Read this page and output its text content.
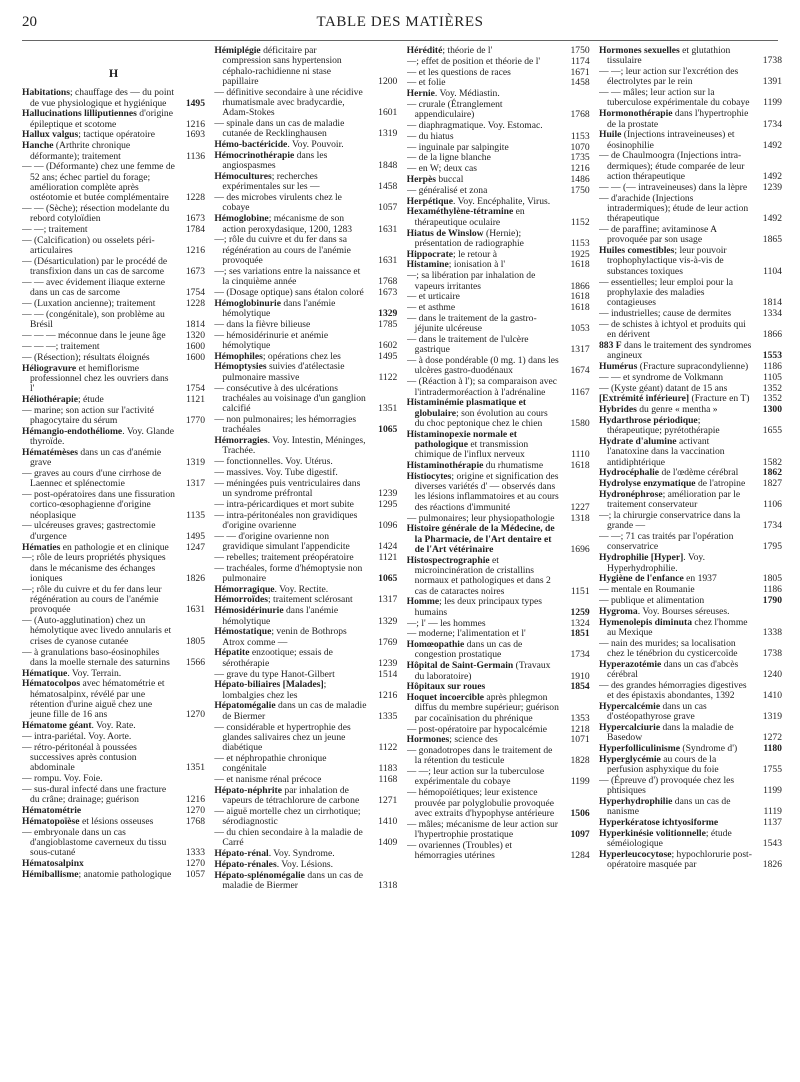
20	TABLE DES MATIÈRES
H
Habitations; chauffage des — du point de vue physiologique et hygiénique	1495
Hallucinations lilliputiennes d'origine épileptique et scotome	1216
Hallux valgus; tactique opératoire	1693
Hanche (Arthrite chronique déformante); traitement	1136
— — (Déformante) chez une femme de 52 ans; échec partiel du forage; amélioration complète après ostéotomie et butée complémentaire	1228
— — (Sèche); résection modelante du rebord cotyloïdien	1673
— —; traitement	1784
— (Calcification) ou osselets péri-articulaires	1216
— (Désarticulation) par le procédé de transfixion dans un cas de sarcome	1673
— — avec évidement iliaque externe dans un cas de sarcome	1754
— (Luxation ancienne); traitement	1228
— — (congénitale), son problème au Brésil	1814
— — — méconnue dans le jeune âge	1320
— — —; traitement	1600
— (Résection); résultats éloignés	1600
Héliogravure et hemiflorisme professionnel chez les ouvriers dans l'	1754
Héliothérapie; étude	1121
— marine; son action sur l'activité phagocytaire du sérum	1770
Hémangio-endothéliome. Voy. Glande thyroïde.
Hématémèses dans un cas d'anémie grave	1319
— graves au cours d'une cirrhose de Laennec et splénectomie	1317
— post-opératoires dans une fissuration cortico-œsophagienne d'origine néoplasique	1135
— ulcéreuses graves; gastrectomie d'urgence	1495
Hématies en pathologie et en clinique	1247
—; rôle de leurs propriétés physiques dans le mécanisme des échanges ioniques	1826
—; rôle du cuivre et du fer dans leur régénération au cours de l'anémie provoquée	1631
— (Auto-agglutination) chez un hémolytique avec livedo annularis et crises de cyanose cutanée	1805
— à granulations baso-éosinophiles dans la moelle sternale des saturnins	1566
Hématique. Voy. Terrain.
Hématocolpos avec hématométrie et hématosalpinx, révélé par une rétention d'urine aiguë chez une jeune fille de 16 ans	1270
Hématome géant. Voy. Rate.
— intra-pariétal. Voy. Aorte.
— rétro-péritonéal à poussées successives après contusion abdominale	1351
— rompu. Voy. Foie.
— sus-dural infecté dans une fracture du crâne; drainage; guérison	1216
Hématométrie	1270
Hématopoïèse et lésions osseuses	1768
— embryonale dans un cas d'angioblastome caverneux du tissu sous-cutané	1333
Hématosalpinx	1270
Hémiballisme; anatomie pathologique	1057
Hémiplégie déficitaire par compression sans hypertension céphalo-rachidienne ni stase papillaire	1200
— définitive secondaire à une récidive rhumatismale avec bradycardie, Adam-Stokes	1601
— spinale dans un cas de maladie cutanée de Recklinghausen	1319
Hémo-bactéricide. Voy. Pouvoir.
Hémocrinothérapie dans les angiospasmes	1848
Hémocultures; recherches expérimentales sur les —	1458
— des microbes virulents chez le cobaye	1057
Hémoglobine; mécanisme de son action peroxydasique, 1200, 1283	1631
—; rôle du cuivre et du fer dans sa régénération au cours de l'anémie provoquée	1631
—; ses variations entre la naissance et la cinquième année	1768
— (Dosage optique) sans étalon coloré	1673
Hémoglobinurie dans l'anémie hémolytique	1329
— dans la fièvre bilieuse	1785
— hémosidérinurie et anémie hémolytique	1602
Hémophiles; opérations chez les	1495
Hémoptysies suivies d'atélectasie pulmonaire massive	1122
— consécutive à des ulcérations trachéales au voisinage d'un ganglion calcifié	1351
— non pulmonaires; les hémorragies trachéales	1065
Hémorragies. Voy. Intestin, Méninges, Trachée.
— fonctionnelles. Voy. Utérus.
— massives. Voy. Tube digestif.
— méningées puis ventriculaires dans un syndrome préfrontal	1239
— intra-péricardiques et mort subite	1295
— intra-péritonéales non gravidiques d'origine ovarienne	1096
— — d'origine ovarienne non gravidique simulant l'appendicite	1424
— rebelles; traitement préopératoire	1121
— trachéales, forme d'hémoptysie non pulmonaire	1065
Hémorragique. Voy. Rectite.
Hémorroïdes; traitement sclérosant	1317
Hémosidérinurie dans l'anémie hémolytique	1329
Hémostatique; venin de Bothrops Atrox comme —	1769
Hépatite enzootique; essais de sérothérapie	1239
— grave du type Hanot-Gilbert	1514
Hépato-biliaires [Malades]; lombalgies chez les	1216
Hépatomégalie dans un cas de maladie de Biermer	1335
— considérable et hypertrophie des glandes salivaires chez un jeune diabétique	1122
— et néphropathie chronique congénitale	1183
— et nanisme rénal précoce	1168
Hépato-néphrite par inhalation de vapeurs de tétrachlorure de carbone	1271
— aiguë mortelle chez un cirrhotique; sérodiagnostic	1410
— du chien secondaire à la maladie de Carré	1409
Hépato-rénal. Voy. Syndrome.
Hépato-rénales. Voy. Lésions.
Hépato-splénomégalie dans un cas de maladie de Biermer	1318
Hérédité; théorie de l'	1750
—; effet de position et théorie de l'	1174
— et les questions de races	1671
— et folie	1458
Hernie. Voy. Médiastin.
— crurale (Étranglement appendiculaire)	1768
— diaphragmatique. Voy. Estomac.
— du hiatus	1153
— inguinale par salpingite	1070
— de la ligne blanche	1735
— en W; deux cas	1216
Herpès buccal	1486
— généralisé et zona	1750
Herpétique. Voy. Encéphalite, Virus.
Hexaméthylène-tétramine en thérapeutique oculaire	1152
Hiatus de Winslow (Hernie); présentation de radiographie	1153
Hippocrate; le retour à	1925
Histamine; ionisation à l'	1618
—; sa libération par inhalation de vapeurs irritantes	1866
— et urticaire	1618
— et asthme	1618
— dans le traitement de la gastro-jéjunite ulcéreuse	1053
— dans le traitement de l'ulcère gastrique	1317
— à dose pondérable (0 mg. 1) dans les ulcères gastro-duodénaux	1674
— (Réaction à l'); sa comparaison avec l'intradermoréaction à l'adrénaline	1167
Histaminémie plasmatique et globulaire; son évolution au cours du choc peptonique chez le chien	1580
Histaminopexie normale et pathologique et transmission chimique de l'influx nerveux	1110
Histaminothérapie du rhumatisme	1618
Histiocytes; origine et signification des diverses variétés d' — observés dans les lésions inflammatoires et au cours des réactions d'immunité	1227
— pulmonaires; leur physiopathologie	1318
Histoire générale de la Médecine, de la Pharmacie, de l'Art dentaire et de l'Art vétérinaire	1696
Histospectrographie et microincinération de cristallins normaux et pathologiques et dans 2 cas de cataractes noires	1151
Homme; les deux principaux types humains	1259
—; l' — les hommes	1324
— moderne; l'alimentation et l'	1851
Homœopathie dans un cas de congestion prostatique	1734
Hôpital de Saint-Germain (Travaux du laboratoire)	1910
Hôpitaux sur roues	1854
Hoquet incoercible après phlegmon diffus du membre supérieur; guérison par cocaïnisation du phrénique	1353
— post-opératoire par hypocalcémie	1218
Hormones; science des	1071
— gonadotropes dans le traitement de la rétention du testicule	1828
— —; leur action sur la tuberculose expérimentale du cobaye	1199
— hémopoïétiques; leur existence prouvée par polyglobulie provoquée avec extraits d'hypophyse antérieure	1506
— mâles; mécanisme de leur action sur l'hypertrophie prostatique	1097
— ovariennes (Troubles) et hémorragies utérines	1284
Hormones sexuelles et glutathion tissulaire	1738
— —; leur action sur l'excrétion des électrolytes par le rein	1391
— — mâles; leur action sur la tuberculose expérimentale du cobaye	1199
Hormonothérapie dans l'hypertrophie de la prostate	1734
Huile (Injections intraveineuses) et éosinophilie	1492
— de Chaulmoogra (Injections intra-dermiques); étude comparée de leur action thérapeutique	1492
— — (— intraveineuses) dans la lèpre	1239
— d'arachide (Injections intradermiques); étude de leur action thérapeutique	1492
— de paraffine; avitaminose A provoquée par son usage	1865
Huiles comestibles; leur pouvoir trophophylactique vis-à-vis de substances toxiques	1104
— essentielles; leur emploi pour la prophylaxie des maladies contagieuses	1814
— industrielles; cause de dermites	1334
— de schistes à ichtyol et produits qui en dérivent	1866
883 F dans le traitement des syndromes angineux	1553
Humérus (Fracture supracondylienne)	1186
— — et syndrome de Volkmann	1105
— (Kyste géant) datant de 15 ans	1352
[Extrémité inférieure] (Fracture en T)	1352
Hybrides du genre « mentha »	1300
Hydarthrose périodique; thérapeutique; pyrétothérapie	1655
Hydrate d'alumine activant l'anatoxine dans la vaccination antidiphtérique	1582
Hydrocéphalie de l'œdème cérébral	1862
Hydrolyse enzymatique de l'atropine	1827
Hydronéphrose; amélioration par le traitement conservateur	1106
—; la chirurgie conservatrice dans la grande —	1734
— —; 71 cas traités par l'opération conservatrice	1795
Hydrophilie [Hyper]. Voy. Hyperhydrophilie.
Hygiène de l'enfance en 1937	1805
— mentale en Roumanie	1186
— publique et alimentation	1790
Hygroma. Voy. Bourses séreuses.
Hymenolepis diminuta chez l'homme au Mexique	1338
— nain des murides; sa localisation chez le ténébrion du cysticercoïde	1738
Hyperazotémie dans un cas d'abcès cérébral	1240
— des grandes hémorragies digestives et des épistaxis abondantes, 1392	1410
Hypercalcémie dans un cas d'ostéopathyrose grave	1319
Hypercalciurie dans la maladie de Basedow	1272
Hyperfolliculinisme (Syndrome d')	1180
Hyperglycémie au cours de la perfusion asphyxique du foie	1755
— (Épreuve d') provoquée chez les phtisiques	1199
Hyperhydrophilie dans un cas de nanisme	1119
Hyperkératose ichtyosiforme	1137
Hyperkinésie volitionnelle; étude séméiologique	1543
Hyperleucocytose; hypochlorurie post-opératoire masquée par	1826
